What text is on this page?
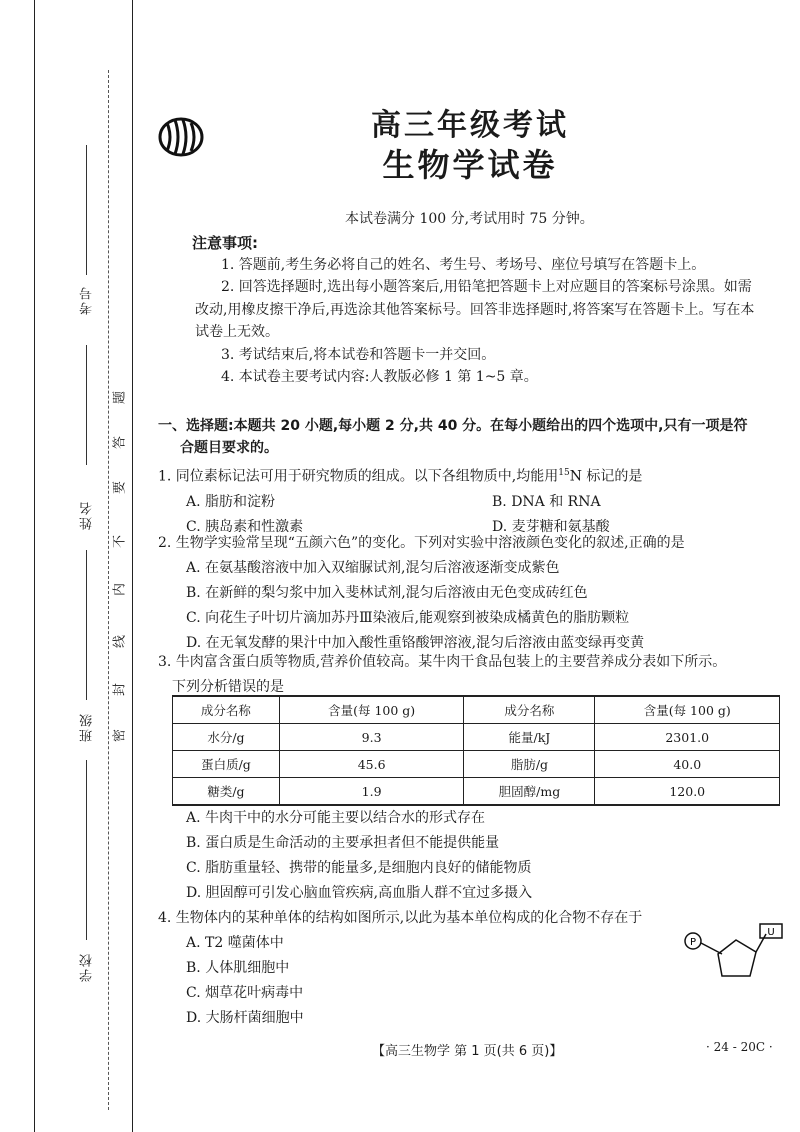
考号
姓名
班级
学校
题
答
要
不
内
线
封
密
高三年级考试
生物学试卷
本试卷满分 100 分,考试用时 75 分钟。
注意事项:

1. 答题前,考生务必将自己的姓名、考生号、考场号、座位号填写在答题卡上。

2. 回答选择题时,选出每小题答案后,用铅笔把答题卡上对应题目的答案标号涂黑。如需改动,用橡皮擦干净后,再选涂其他答案标号。回答非选择题时,将答案写在答题卡上。写在本试卷上无效。

3. 考试结束后,将本试卷和答题卡一并交回。

4. 本试卷主要考试内容:人教版必修 1 第 1~5 章。

一、选择题:本题共 20 小题,每小题 2 分,共 40 分。在每小题给出的四个选项中,只有一项是符
合题目要求的。

1. 同位素标记法可用于研究物质的组成。以下各组物质中,均能用$^{15}$N 标记的是

A. 脂肪和淀粉	B. DNA 和 RNA
C. 胰岛素和性激素	D. 麦芽糖和氨基酸

2. 生物学实验常呈现“五颜六色”的变化。下列对实验中溶液颜色变化的叙述,正确的是

A. 在氨基酸溶液中加入双缩脲试剂,混匀后溶液逐渐变成紫色

B. 在新鲜的梨匀浆中加入斐林试剂,混匀后溶液由无色变成砖红色

C. 向花生子叶切片滴加苏丹Ⅲ染液后,能观察到被染成橘黄色的脂肪颗粒

D. 在无氧发酵的果汁中加入酸性重铬酸钾溶液,混匀后溶液由蓝变绿再变黄

3. 牛肉富含蛋白质等物质,营养价值较高。某牛肉干食品包装上的主要营养成分表如下所示。

下列分析错误的是

成分名称	含量(每 100 g)	成分名称	含量(每 100 g)
水分/g	9.3	能量/kJ	2301.0
蛋白质/g	45.6	脂肪/g	40.0
糖类/g	1.9	胆固醇/mg	120.0

A. 牛肉干中的水分可能主要以结合水的形式存在

B. 蛋白质是生命活动的主要承担者但不能提供能量

C. 脂肪重量轻、携带的能量多,是细胞内良好的储能物质

D. 胆固醇可引发心脑血管疾病,高血脂人群不宜过多摄入

4. 生物体内的某种单体的结构如图所示,以此为基本单位构成的化合物不存在于

A. T2 噬菌体中

B. 人体肌细胞中

C. 烟草花叶病毒中

D. 大肠杆菌细胞中

P
U
【高三生物学 第 1 页(共 6 页)】	· 24 - 20C ·
